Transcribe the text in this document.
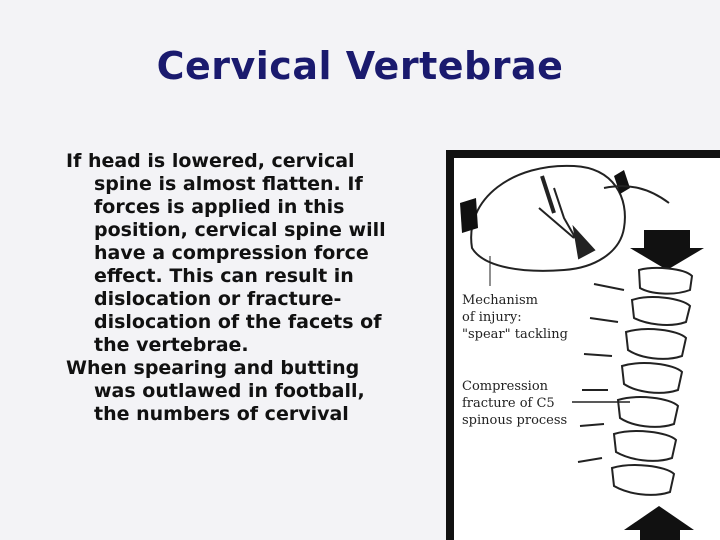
Cervical Vertebrae
If head is lowered, cervical spine is almost flatten. If forces is applied in this position, cervical spine will have a compression force effect. This can result in dislocation or fracture-dislocation of the facets of the vertebrae.
When spearing and butting was outlawed in football, the numbers of cervival
Mechanism
of injury:
"spear" tackling
Compression
fracture of C5
spinous process
